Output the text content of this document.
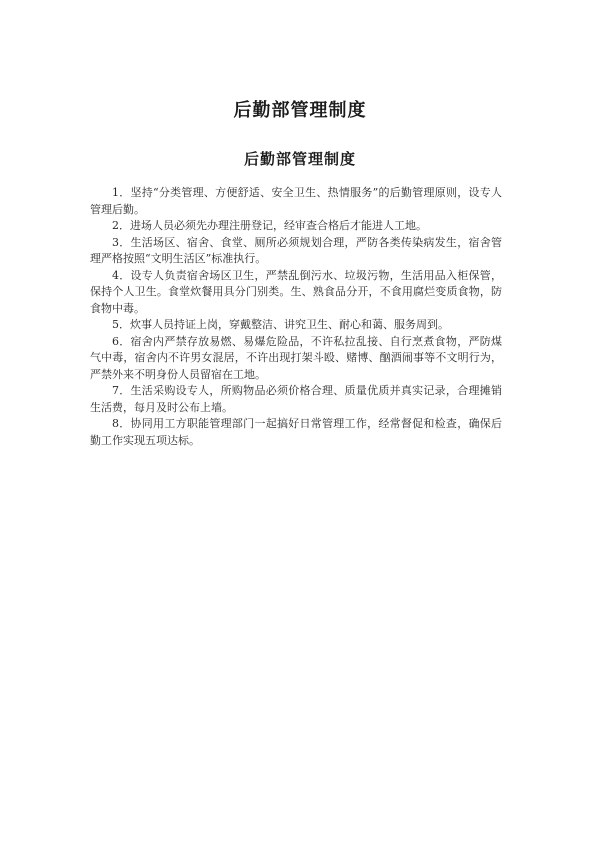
后勤部管理制度
后勤部管理制度
1．坚持“分类管理、方便舒适、安全卫生、热情服务”的后勤管理原则，设专人管理后勤。
2．进场人员必须先办理注册登记，经审查合格后才能进人工地。
3．生活场区、宿舍、食堂、厕所必须规划合理，严防各类传染病发生，宿舍管理严格按照“文明生活区”标准执行。
4．设专人负责宿舍场区卫生，严禁乱倒污水、垃圾污物，生活用品入柜保管，保持个人卫生。食堂炊餐用具分门别类。生、熟食品分开，不食用腐烂变质食物，防食物中毒。
5．炊事人员持证上岗，穿戴整洁、讲究卫生、耐心和蔼、服务周到。
6．宿舍内严禁存放易燃、易爆危险品，不许私拉乱接、自行烹煮食物，严防煤气中毒，宿舍内不许男女混居，不许出现打架斗殴、赌博、酗酒闹事等不文明行为，严禁外来不明身份人员留宿在工地。
7．生活采购设专人，所购物品必须价格合理、质量优质并真实记录，合理摊销生活费，每月及时公布上墙。
8．协同用工方职能管理部门一起搞好日常管理工作，经常督促和检查，确保后勤工作实现五项达标。
